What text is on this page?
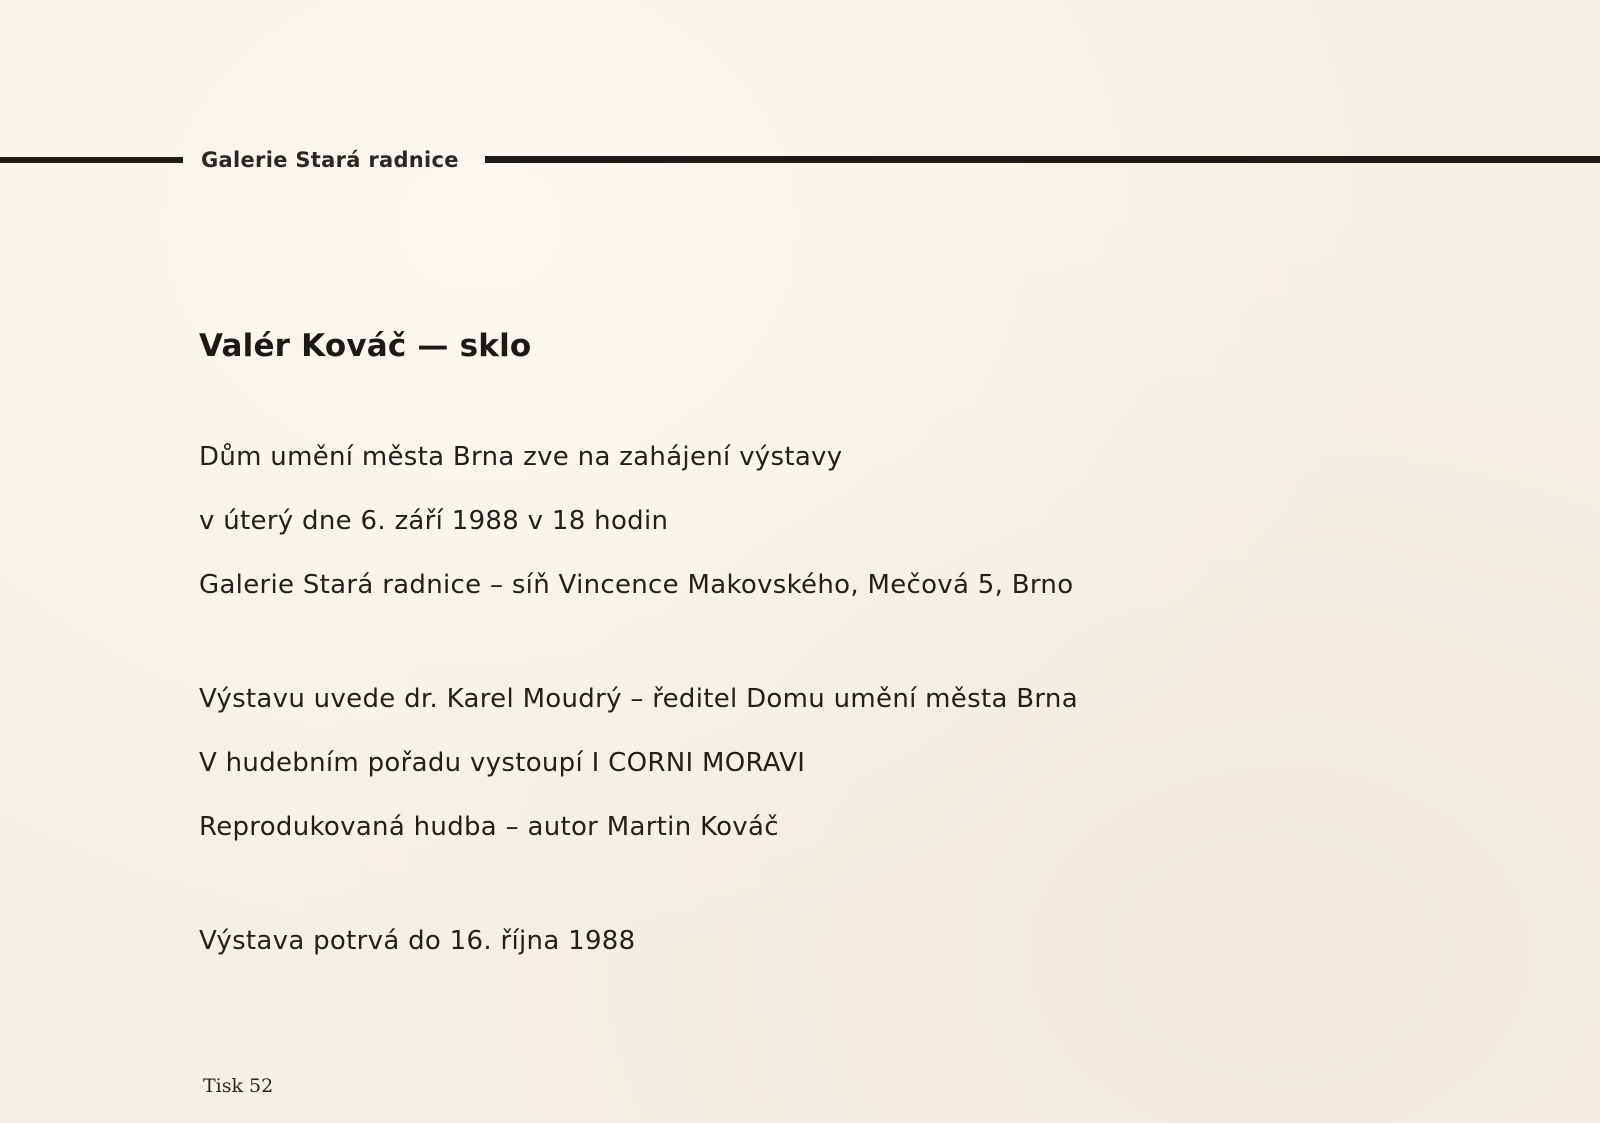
Galerie Stará radnice
Valér Kováč — sklo
Dům umění města Brna zve na zahájení výstavy
v úterý dne 6. září 1988 v 18 hodin
Galerie Stará radnice – síň Vincence Makovského, Mečová 5, Brno
Výstavu uvede dr. Karel Moudrý – ředitel Domu umění města Brna
V hudebním pořadu vystoupí I CORNI MORAVI
Reprodukovaná hudba – autor Martin Kováč
Výstava potrvá do 16. října 1988
Tisk 52
